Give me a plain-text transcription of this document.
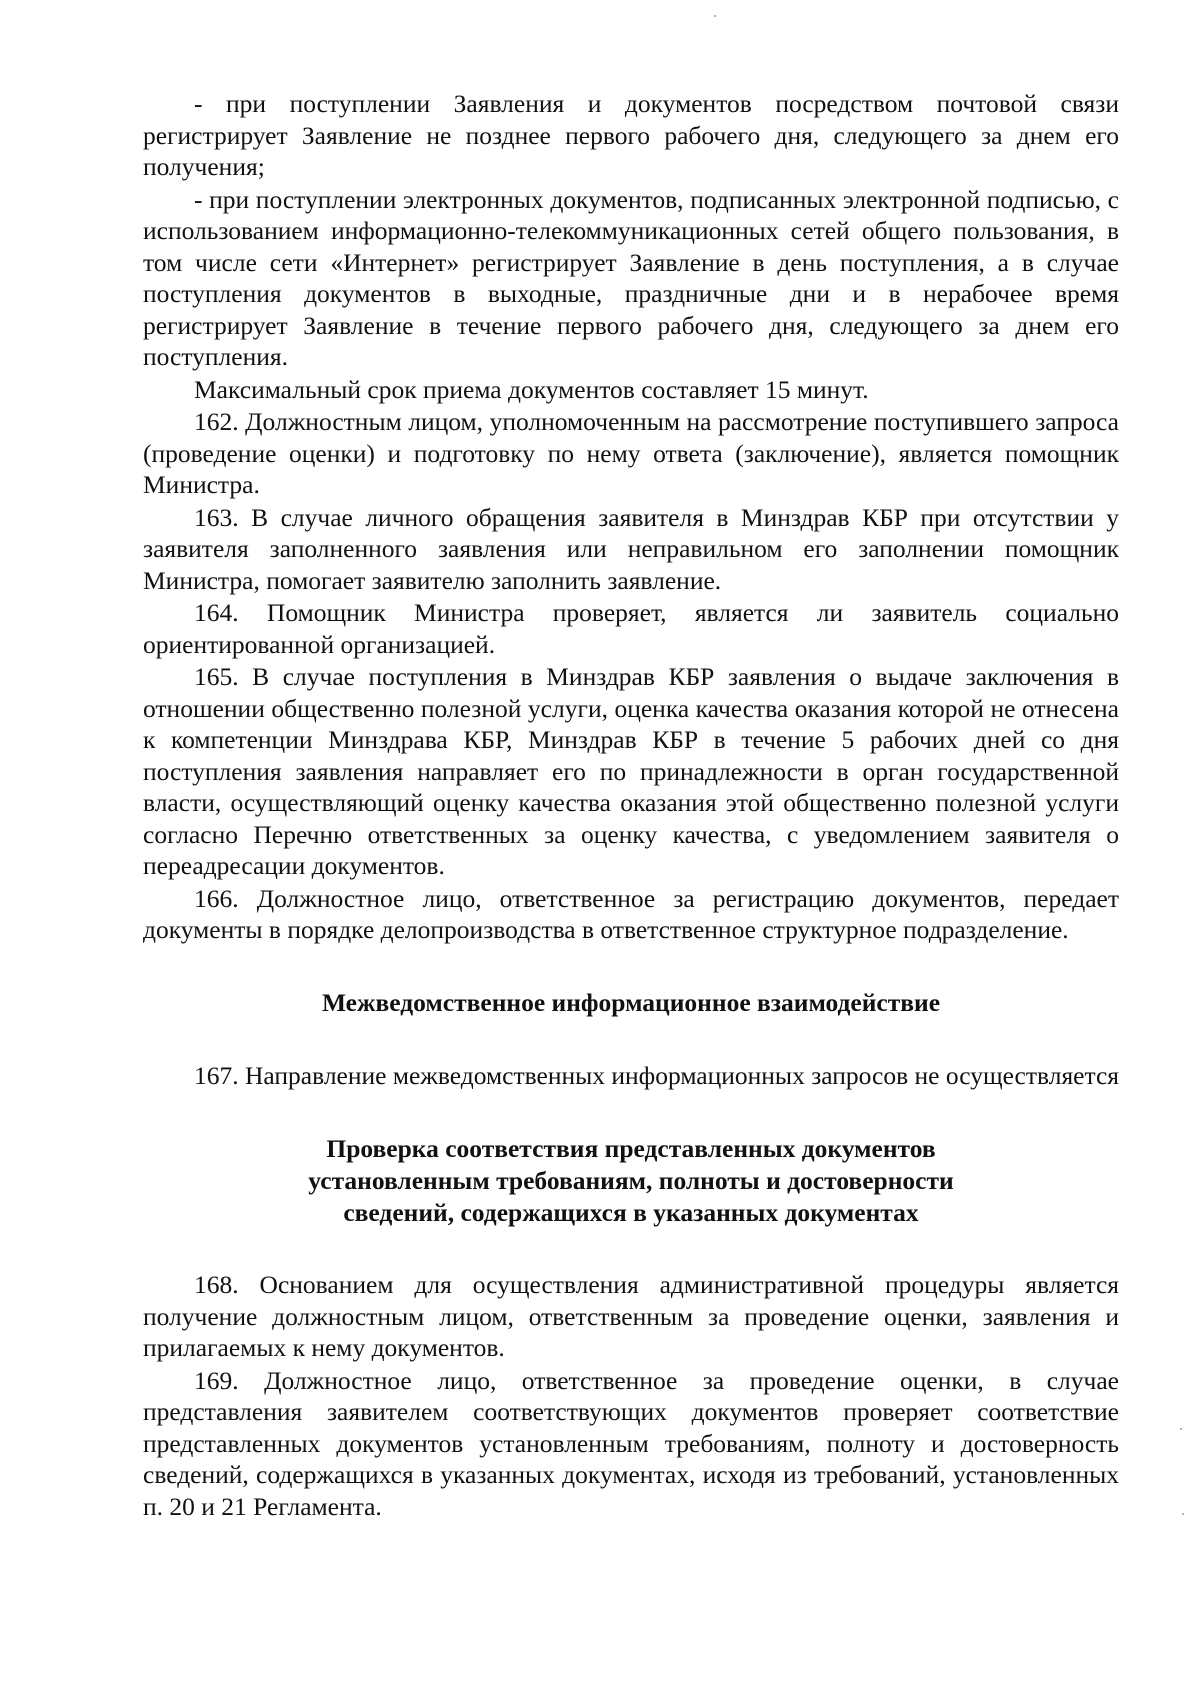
- при поступлении Заявления и документов посредством почтовой связи регистрирует Заявление не позднее первого рабочего дня, следующего за днем его получения;

- при поступлении электронных документов, подписанных электронной подписью, с использованием информационно-телекоммуникационных сетей общего пользования, в том числе сети «Интернет» регистрирует Заявление в день поступления, а в случае поступления документов в выходные, праздничные дни и в нерабочее время регистрирует Заявление в течение первого рабочего дня, следующего за днем его поступления.

Максимальный срок приема документов составляет 15 минут.

162. Должностным лицом, уполномоченным на рассмотрение поступившего запроса (проведение оценки) и подготовку по нему ответа (заключение), является помощник Министра.

163. В случае личного обращения заявителя в Минздрав КБР при отсутствии у заявителя заполненного заявления или неправильном его заполнении помощник Министра, помогает заявителю заполнить заявление.

164. Помощник Министра проверяет, является ли заявитель социально ориентированной организацией.

165. В случае поступления в Минздрав КБР заявления о выдаче заключения в отношении общественно полезной услуги, оценка качества оказания которой не отнесена к компетенции Минздрава КБР, Минздрав КБР в течение 5 рабочих дней со дня поступления заявления направляет его по принадлежности в орган государственной власти, осуществляющий оценку качества оказания этой общественно полезной услуги согласно Перечню ответственных за оценку качества, с уведомлением заявителя о переадресации документов.

166. Должностное лицо, ответственное за регистрацию документов, передает документы в порядке делопроизводства в ответственное структурное подразделение.

Межведомственное информационное взаимодействие

167. Направление межведомственных информационных запросов не осуществляется

Проверка соответствия представленных документов
установленным требованиям, полноты и достоверности
сведений, содержащихся в указанных документах

168. Основанием для осуществления административной процедуры является получение должностным лицом, ответственным за проведение оценки, заявления и прилагаемых к нему документов.

169. Должностное лицо, ответственное за проведение оценки, в случае представления заявителем соответствующих документов проверяет соответствие представленных документов установленным требованиям, полноту и достоверность сведений, содержащихся в указанных документах, исходя из требований, установленных п. 20 и 21 Регламента.
